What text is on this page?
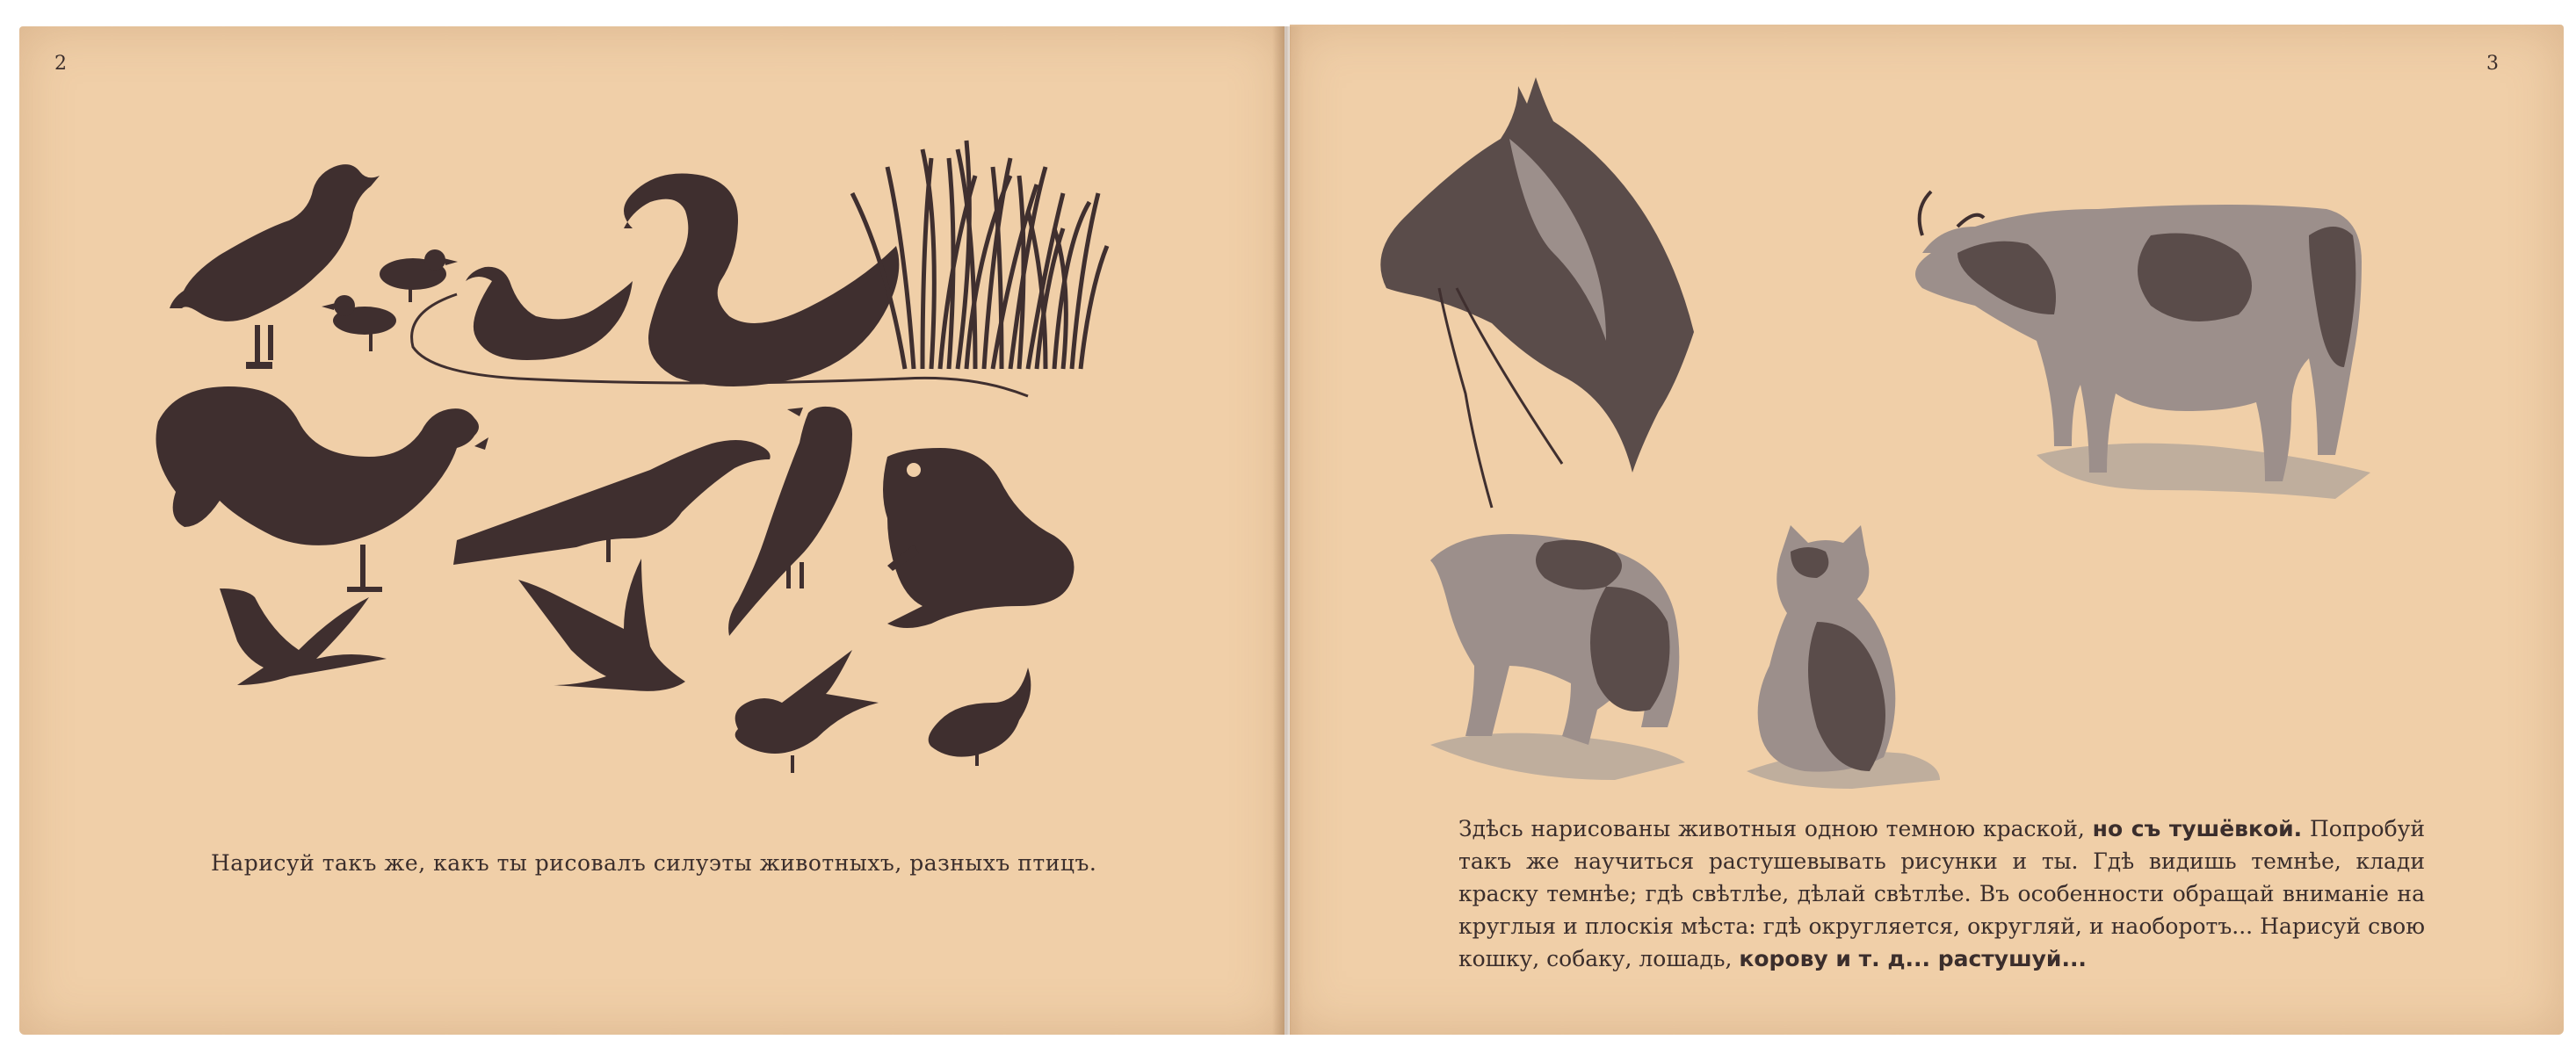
2	3
Нарисуй такъ же, какъ ты рисовалъ силуэты животныхъ, разныхъ птицъ.
Здѣсь нарисованы животныя одною темною краской, но съ тушёвкой. Попробуй такъ же научиться растушевывать рисунки и ты. Гдѣ видишь темнѣе, клади краску темнѣе; гдѣ свѣтлѣе, дѣлай свѣтлѣе. Въ особенности обращай вниманіе на круглыя и плоскія мѣста: гдѣ округляется, округляй, и наоборотъ... Нарисуй свою кошку, собаку, лошадь, корову и т. д... растушуй...
